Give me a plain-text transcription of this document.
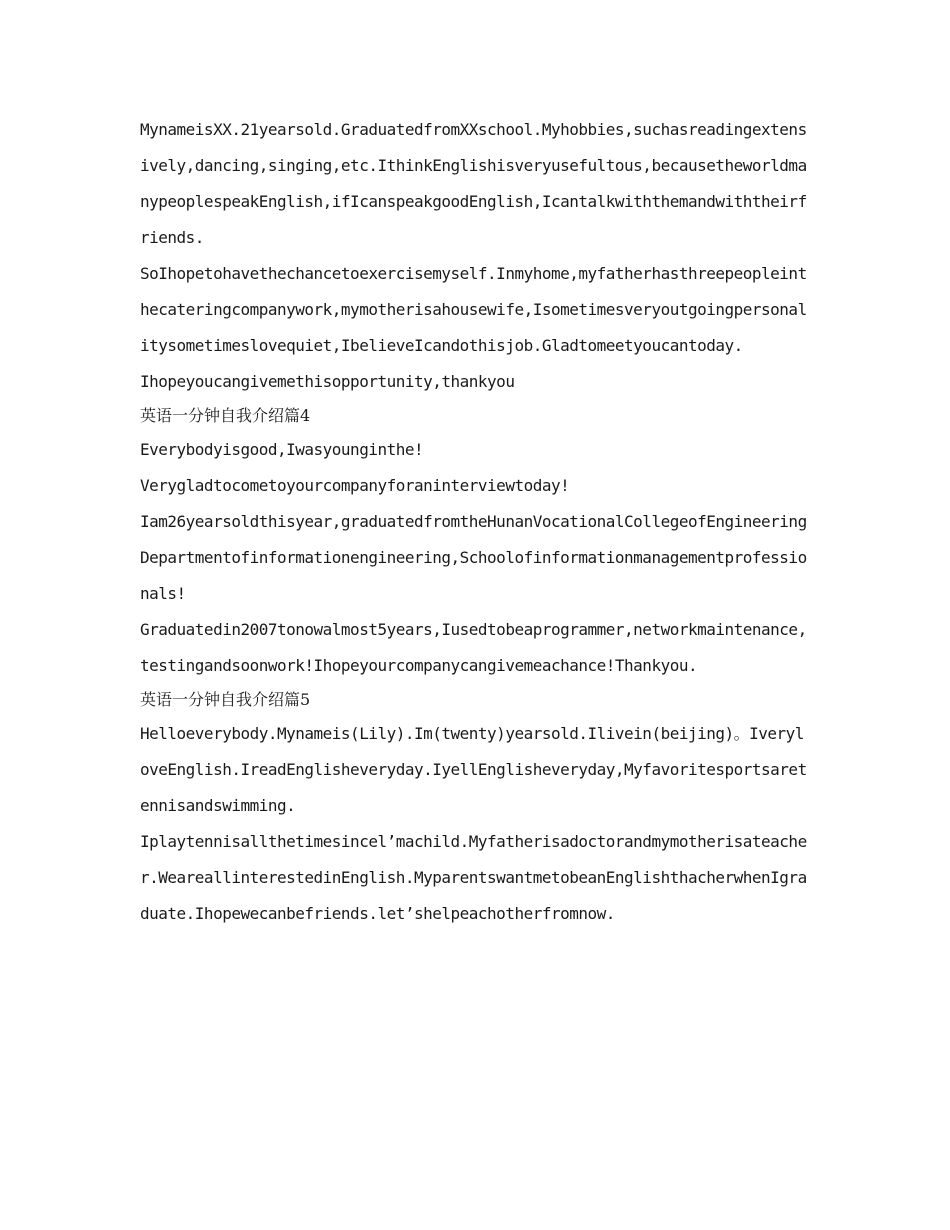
MynameisXX.21yearsold.GraduatedfromXXschool.Myhobbies,suchasreadingextensively,dancing,singing,etc.IthinkEnglishisveryusefultous,becausetheworldmanypeoplespeakEnglish,ifIcanspeakgoodEnglish,Icantalkwiththemandwiththeirfriends.

SoIhopetohavethechancetoexercisemyself.Inmyhome,myfatherhasthreepeopleinthecateringcompanywork,mymotherisahousewife,Isometimesveryoutgoingpersonalitysometimeslovequiet,IbelieveIcandothisjob.Gladtomeetyoucantoday.

Ihopeyoucangivemethisopportunity,thankyou

英语一分钟自我介绍篇4

Everybodyisgood,Iwasyounginthe!

Verygladtocometoyourcompanyforaninterviewtoday!

Iam26yearsoldthisyear,graduatedfromtheHunanVocationalCollegeofEngineeringDepartmentofinformationengineering,Schoolofinformationmanagementprofessionals!

Graduatedin2007tonowalmost5years,Iusedtobeaprogrammer,networkmaintenance,testingandsoonwork!Ihopeyourcompanycangivemeachance!Thankyou.

英语一分钟自我介绍篇5

Helloeverybody.Mynameis(Lily).Im(twenty)yearsold.Ilivein(beijing)。IveryloveEnglish.IreadEnglisheveryday.IyellEnglisheveryday,Myfavoritesportsaretennisandswimming.

Iplaytennisallthetimesincel’machild.Myfatherisadoctorandmymotherisateacher.WeareallinterestedinEnglish.MyparentswantmetobeanEnglishthacherwhenIgraduate.Ihopewecanbefriends.let’shelpeachotherfromnow.
